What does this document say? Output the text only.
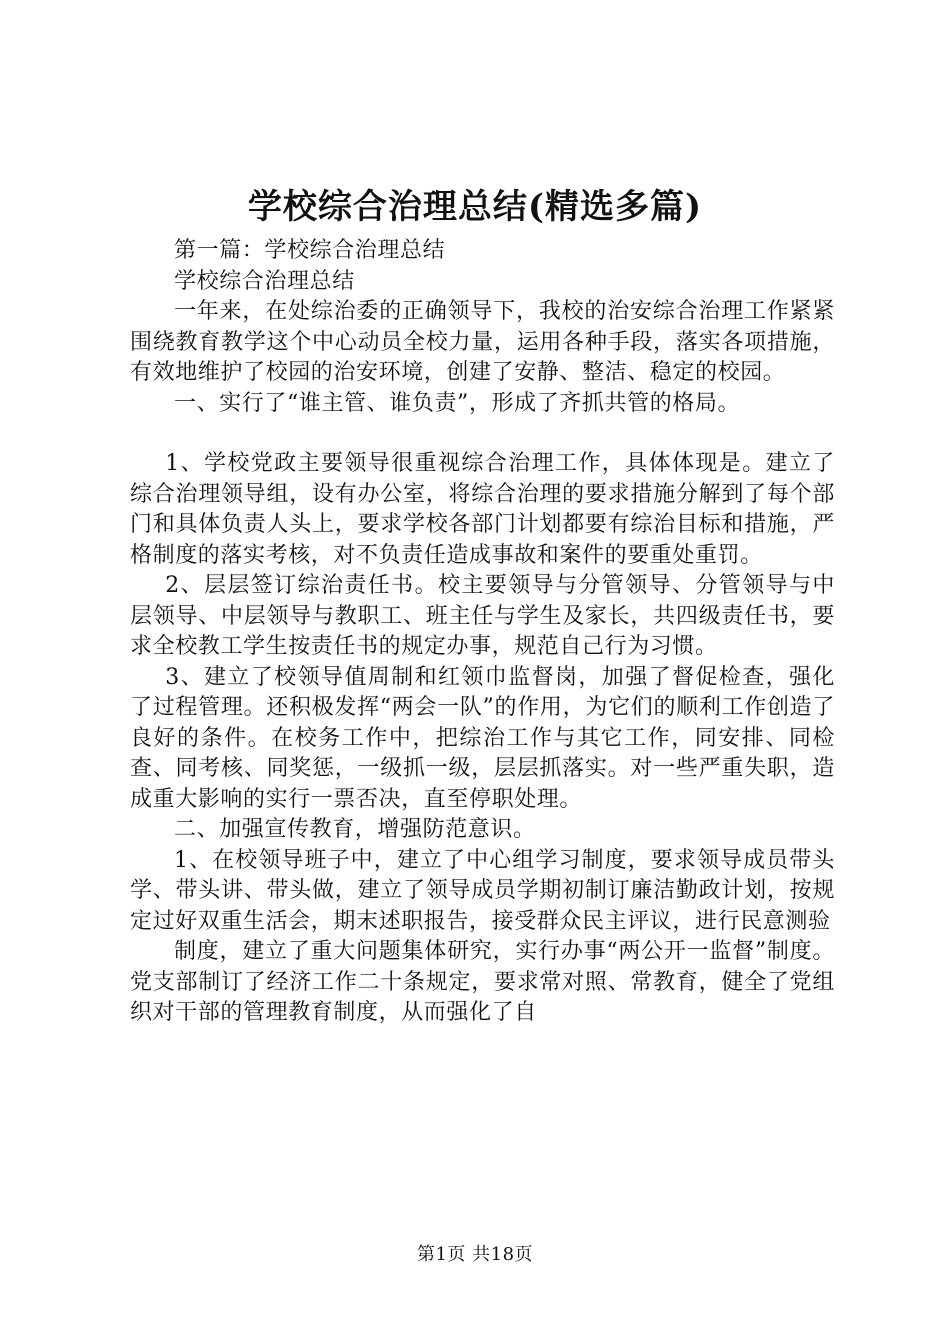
学校综合治理总结(精选多篇)

第一篇：学校综合治理总结

学校综合治理总结

一年来，在处综治委的正确领导下，我校的治安综合治理工作紧紧围绕教育教学这个中心动员全校力量，运用各种手段，落实各项措施，有效地维护了校园的治安环境，创建了安静、整洁、稳定的校园。

一、实行了“谁主管、谁负责”，形成了齐抓共管的格局。

1、学校党政主要领导很重视综合治理工作，具体体现是。建立了综合治理领导组，设有办公室，将综合治理的要求措施分解到了每个部门和具体负责人头上，要求学校各部门计划都要有综治目标和措施，严格制度的落实考核，对不负责任造成事故和案件的要重处重罚。

2、层层签订综治责任书。校主要领导与分管领导、分管领导与中层领导、中层领导与教职工、班主任与学生及家长，共四级责任书，要求全校教工学生按责任书的规定办事，规范自己行为习惯。

3、建立了校领导值周制和红领巾监督岗，加强了督促检查，强化了过程管理。还积极发挥“两会一队”的作用，为它们的顺利工作创造了良好的条件。在校务工作中，把综治工作与其它工作，同安排、同检查、同考核、同奖惩，一级抓一级，层层抓落实。对一些严重失职，造成重大影响的实行一票否决，直至停职处理。

二、加强宣传教育，增强防范意识。

1、在校领导班子中，建立了中心组学习制度，要求领导成员带头学、带头讲、带头做，建立了领导成员学期初制订廉洁勤政计划，按规定过好双重生活会，期末述职报告，接受群众民主评议，进行民意测验

制度，建立了重大问题集体研究，实行办事“两公开一监督”制度。党支部制订了经济工作二十条规定，要求常对照、常教育，健全了党组织对干部的管理教育制度，从而强化了自

第1页 共18页
